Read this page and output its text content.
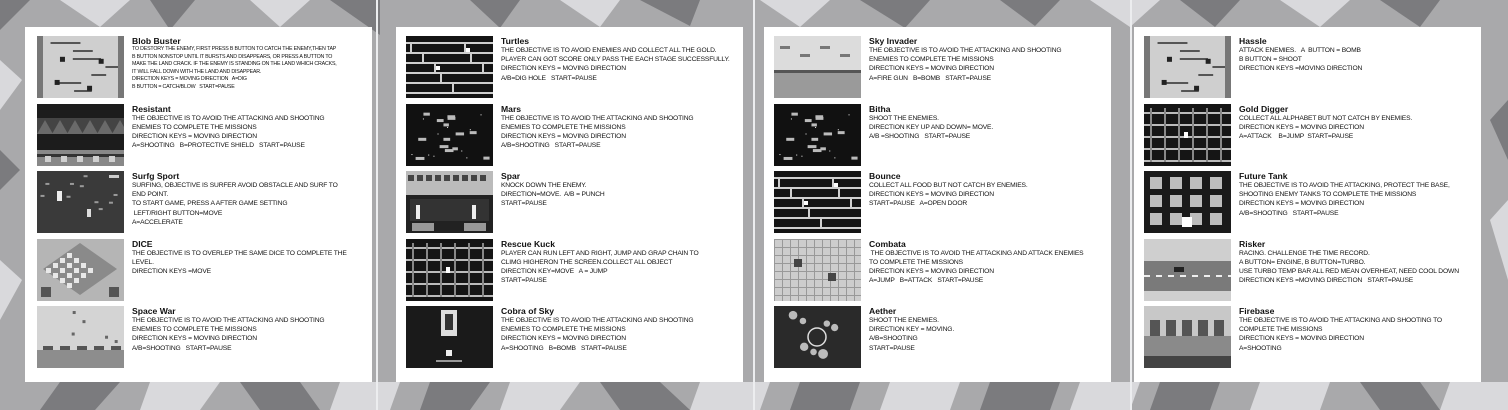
Blob Buster
TO DESTORY THE ENEMY, FIRST PRESS B BUTTON TO CATCH THE ENEMY,THEN TAP
B BUTTON NONSTOP UNTIL IT BURSTS AND DISAPPEARS, OR PRESS A BUTTON TO
MAKE THE LAND CRACK. IF THE ENEMY IS STANDING ON THE LAND WHICH CRACKS,
IT WILL FALL DOWN WITH THE LAND AND DISAPPEAR.
DIRECTION KEYS = MOVING DIRECTION   A=DIG
B BUTTON = CATCH/BLOW   START=PAUSE
Resistant
THE OBJECTIVE IS TO AVOID THE ATTACKING AND SHOOTING
ENEMIES TO COMPLETE THE MISSIONS
DIRECTION KEYS = MOVING DIRECTION
A=SHOOTING   B=PROTECTIVE SHIELD   START=PAUSE
Surfg Sport
SURFING, OBJECTIVE IS SURFER AVOID OBSTACLE AND SURF TO
END POINT.
TO START GAME, PRESS A AFTER GAME SETTING
LEFT/RIGHT BUTTON=MOVE
A=ACCELERATE
DICE
THE OBJECTIVE IS TO OVERLEP THE SAME DICE TO COMPLETE THE
LEVEL.
DIRECTION KEYS =MOVE
Space War
THE OBJECTIVE IS TO AVOID THE ATTACKING AND SHOOTING
ENEMIES TO COMPLETE THE MISSIONS
DIRECTION KEYS = MOVING DIRECTION
A/B=SHOOTING   START=PAUSE
Turtles
THE OBJECTIVE IS TO AVOID ENEMIES AND COLLECT ALL THE GOLD.
PLAYER CAN GOT SCORE ONLY PASS THE EACH STAGE SUCCESSFULLY.
DIRECTION KEYS = MOVING DIRECTION
A/B=DIG HOLE   START=PAUSE
Mars
THE OBJECTIVE IS TO AVOID THE ATTACKING AND SHOOTING
ENEMIES TO COMPLETE THE MISSIONS
DIRECTION KEYS = MOVING DIRECTION
A/B=SHOOTING   START=PAUSE
Spar
KNOCK DOWN THE ENEMY.
DIRECTION=MOVE.  A/B = PUNCH
START=PAUSE
Rescue Kuck
PLAYER CAN RUN LEFT AND RIGHT, JUMP AND GRAP CHAIN TO
CLIMG HIGHERON THE SCREEN.COLLECT ALL OBJECT
DIRECTION KEY=MOVE   A = JUMP
START=PAUSE
Cobra of Sky
THE OBJECTIVE IS TO AVOID THE ATTACKING AND SHOOTING
ENEMIES TO COMPLETE THE MISSIONS
DIRECTION KEYS = MOVING DIRECTION
A=SHOOTING   B=BOMB   START=PAUSE
Sky Invader
THE OBJECTIVE IS TO AVOID THE ATTACKING AND SHOOTING
ENEMIES TO COMPLETE THE MISSIONS
DIRECTION KEYS = MOVING DIRECTION
A=FIRE GUN   B=BOMB   START=PAUSE
Bitha
SHOOT THE ENEMIES.
DIRECTION KEY UP AND DOWN= MOVE.
A/B =SHOOTING   START=PAUSE
Bounce
COLLECT ALL FOOD BUT NOT CATCH BY ENEMIES.
DIRECTION KEYS = MOVING DIRECTION
START=PAUSE   A=OPEN DOOR
Combata
THE OBJECTIVE IS TO AVOID THE ATTACKING AND ATTACK ENEMIES
TO COMPLETE THE MISSIONS
DIRECTION KEYS = MOVING DIRECTION
A=JUMP   B=ATTACK   START=PAUSE
Aether
SHOOT THE ENEMIES.
DIRECTION KEY = MOVING.
A/B=SHOOTING
START=PAUSE
Hassle
ATTACK ENEMIES.   A  BUTTON = BOMB
B BUTTON = SHOOT
DIRECTION KEYS =MOVING DIRECTION
Gold Digger
COLLECT ALL ALPHABET BUT NOT CATCH BY ENEMIES.
DIRECTION KEYS = MOVING DIRECTION
A=ATTACK    B=JUMP  START=PAUSE
Future Tank
THE OBJECTIVE IS TO AVOID THE ATTACKING, PROTECT THE BASE,
SHOOTING ENEMY TANKS TO COMPLETE THE MISSIONS
DIRECTION KEYS = MOVING DIRECTION
A/B=SHOOTING   START=PAUSE
Risker
RACING. CHALLENGE THE TIME RECORD.
A BUTTON= ENGINE, B BUTTON=TURBO.
USE TURBO TEMP BAR ALL RED MEAN OVERHEAT, NEED COOL DOWN
DIRECTION KEYS =MOVING DIRECTION   START=PAUSE
Firebase
THE OBJECTIVE IS TO AVOID THE ATTACKING AND SHOOTING TO
COMPLETE THE MISSIONS
DIRECTION KEYS = MOVING DIRECTION
A=SHOOTING
